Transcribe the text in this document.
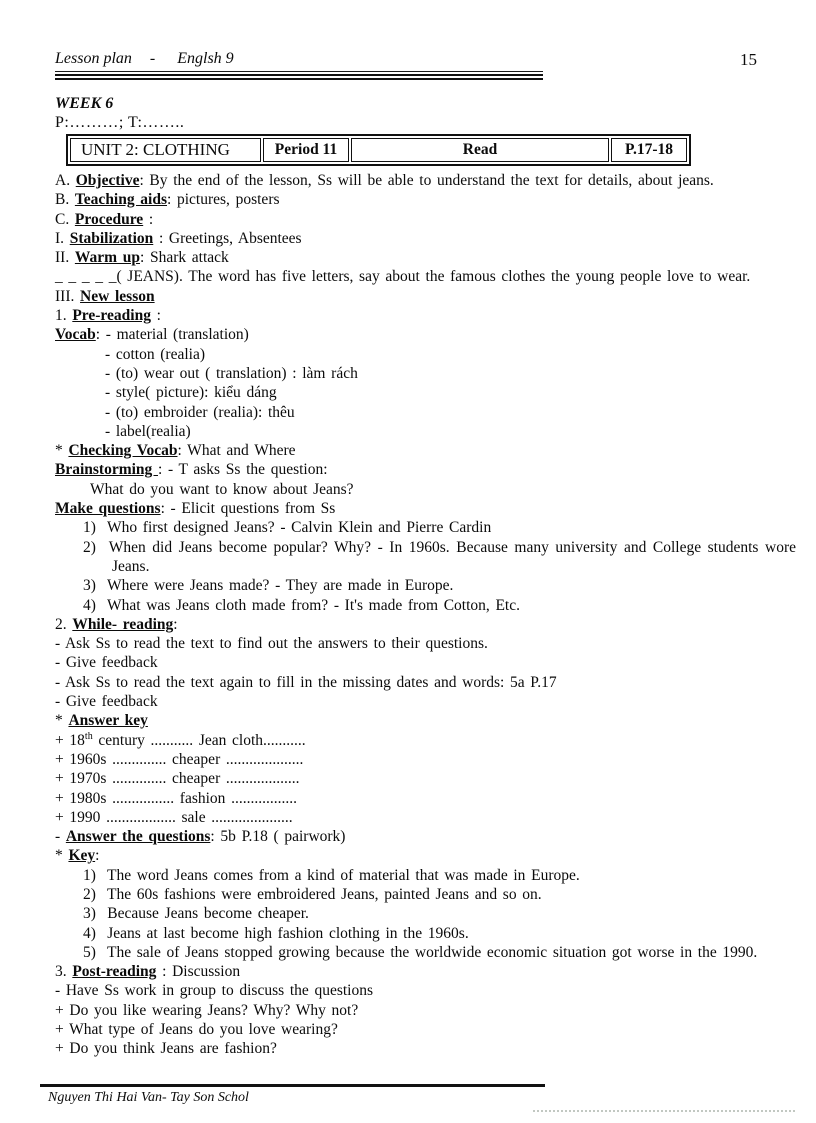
Lesson plan - Englsh 9	15
WEEK 6
P:………; T:……..
UNIT 2: CLOTHING	Period 11	Read	P.17-18
A. Objective: By the end of the lesson, Ss will be able to understand the text for details, about jeans.
B. Teaching aids: pictures, posters
C. Procedure :
I. Stabilization : Greetings, Absentees
II. Warm up: Shark attack
_ _ _ _ _( JEANS). The word has five letters, say about the famous clothes the young people love to wear.
III. New lesson
1. Pre-reading :
Vocab: - material (translation)
- cotton (realia)
- (to) wear out ( translation) : làm rách
- style( picture): kiểu dáng
- (to) embroider (realia): thêu
- label(realia)
* Checking Vocab: What and Where
Brainstorming : - T asks Ss the question:
What do you want to know about Jeans?
Make questions: - Elicit questions from Ss
1)  Who first designed Jeans? - Calvin Klein and Pierre Cardin
2)  When did Jeans become popular? Why? - In 1960s. Because many university and College students wore Jeans.
3)  Where were Jeans made? - They are made in Europe.
4)  What was Jeans cloth made from? - It's made from Cotton, Etc.
2. While- reading:
- Ask Ss to read the text to find out the answers to their questions.
- Give feedback
- Ask Ss to read the text again to fill in the missing dates and words: 5a P.17
- Give feedback
* Answer key
+ 18th century ........... Jean cloth...........
+ 1960s .............. cheaper ....................
+ 1970s .............. cheaper ...................
+ 1980s ................ fashion .................
+ 1990 .................. sale .....................
- Answer the questions: 5b P.18 ( pairwork)
* Key:
1)  The word Jeans comes from a kind of material that was made in Europe.
2)  The 60s fashions were embroidered Jeans, painted Jeans and so on.
3)  Because Jeans become cheaper.
4)  Jeans at last become high fashion clothing in the 1960s.
5)  The sale of Jeans stopped growing because the worldwide economic situation got worse in the 1990.
3. Post-reading : Discussion
- Have Ss work in group to discuss the questions
+ Do you like wearing Jeans? Why? Why not?
+ What type of Jeans do you love wearing?
+ Do you think Jeans are fashion?
Nguyen Thi Hai Van- Tay Son Schol
